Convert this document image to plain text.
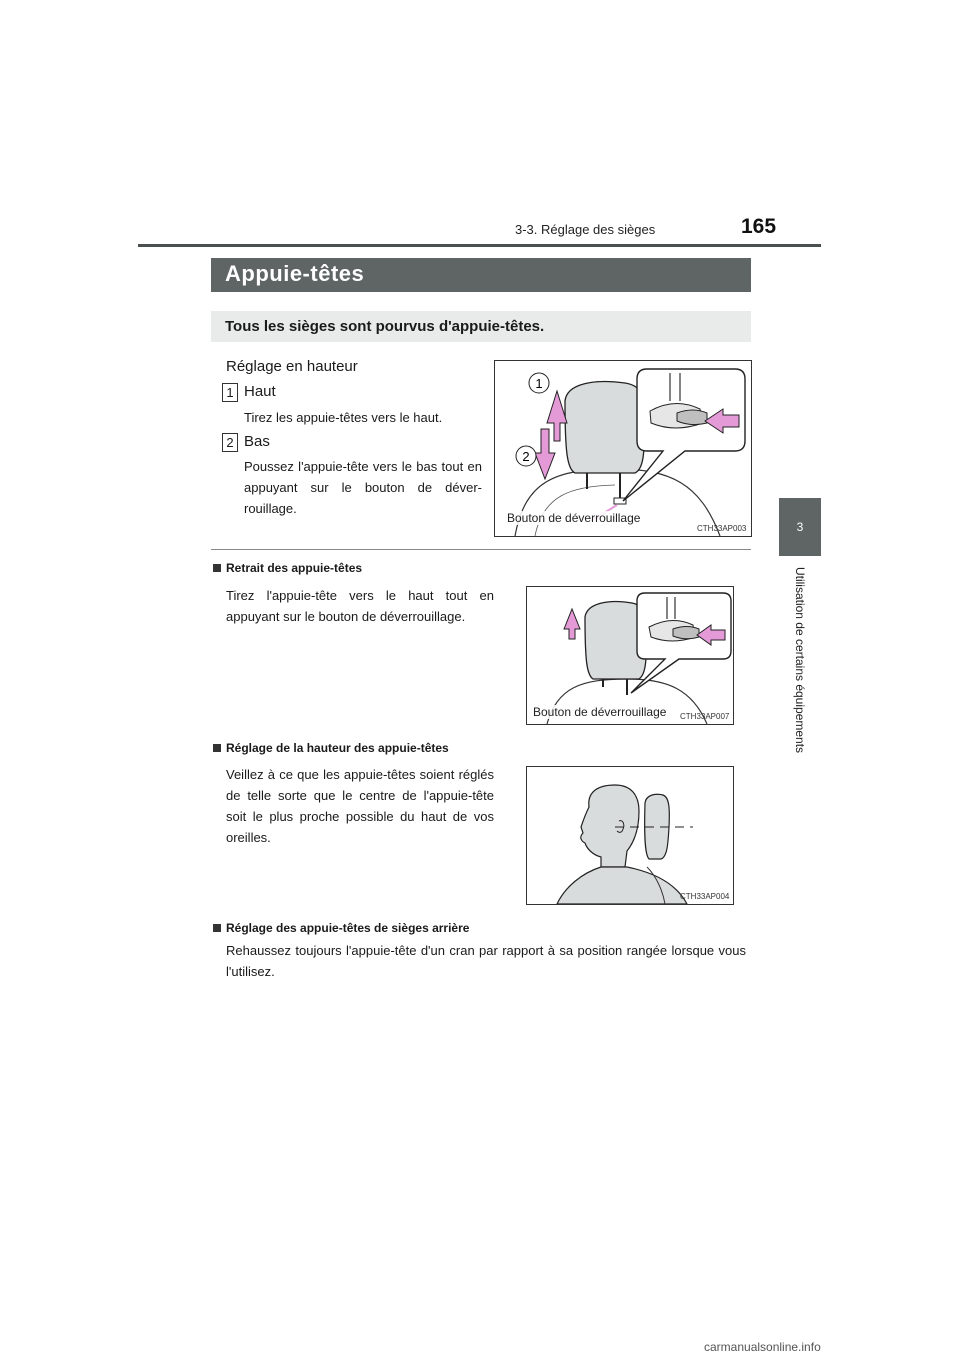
3-3. Réglage des sièges	165
3
Utilisation de certains équipements
Appuie-têtes
Tous les sièges sont pourvus d'appuie-têtes.
Réglage en hauteur
1 Haut
Tirez les appuie-têtes vers le haut.
2 Bas
Poussez l'appuie-tête vers le bas tout en appuyant sur le bouton de déver-rouillage.
1
2
Bouton de déverrouillage
CTH33AP003
Retrait des appuie-têtes
Tirez l'appuie-tête vers le haut tout en appuyant sur le bouton de déverrouillage.
Bouton de déverrouillage CTH33AP007
Réglage de la hauteur des appuie-têtes
Veillez à ce que les appuie-têtes soient réglés de telle sorte que le centre de l'appuie-tête soit le plus proche possible du haut de vos oreilles.
CTH33AP004
Réglage des appuie-têtes de sièges arrière
Rehaussez toujours l'appuie-tête d'un cran par rapport à sa position rangée lorsque vous l'utilisez.
carmanualsonline.info
